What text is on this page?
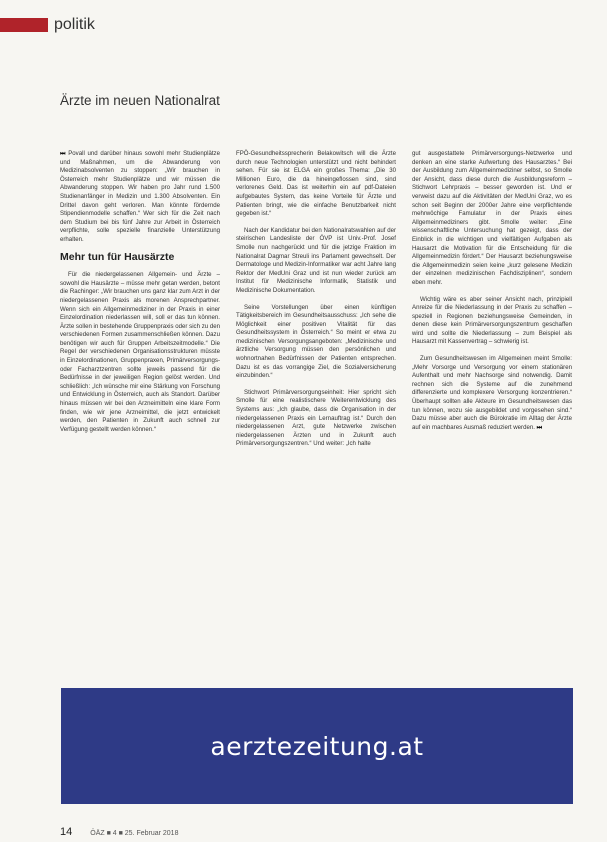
politik
Ärzte im neuen Nationalrat

⏭ Povall und darüber hinaus sowohl mehr Studienplätze und Maßnahmen, um die Abwanderung von Medizinabsolventen zu stoppen: „Wir brauchen in Österreich mehr Studienplätze und wir müssen die Abwanderung stoppen. Wir haben pro Jahr rund 1.500 Studienanfänger in Medizin und 1.300 Absolventen. Ein Drittel davon geht verloren. Man könnte fördernde Stipendienmodelle schaffen.“ Wer sich für die Zeit nach dem Studium bei bis fünf Jahre zur Arbeit in Österreich verpflichte, solle spezielle finanzielle Unterstützung erhalten.

Mehr tun für Hausärzte

Für die niedergelassenen Allgemein- und Ärzte – sowohl die Hausärzte – müsse mehr getan werden, betont die Rachinger: „Wir brauchen uns ganz klar zum Arzt in der niedergelassenen Praxis als morenen Ansprechpartner. Wenn sich ein Allgemeinmediziner in der Praxis in einer Einzelordination niederlassen will, soll er das tun können. Ärzte sollen in bestehende Gruppenpraxis oder sich zu den verschiedenen Formen zusammenschließen können. Dazu benötigen wir auch für Gruppen Arbeitszeitmodelle.“ Die Regel der verschiedenen Organisationsstrukturen müsste in Einzelordinationen, Gruppenpraxen, Primärversorgungs- oder Facharztzentren sollte jeweils passend für die Bedürfnisse in der jeweiligen Region gelöst werden. Und schließlich: „Ich wünsche mir eine Stärkung von Forschung und Entwicklung in Österreich, auch als Standort. Darüber hinaus müssen wir bei den Arzneimitteln eine klare Form finden, wie wir jene Arzneimittel, die jetzt entwickelt werden, den Patienten in Zukunft auch schnell zur Verfügung gestellt werden können.“

FPÖ-Gesundheitssprecherin Belakowitsch will die Ärzte durch neue Technologien unterstützt und nicht behindert sehen. Für sie ist ELGA ein großes Thema: „Die 30 Millionen Euro, die da hineingeflossen sind, sind verlorenes Geld. Das ist weiterhin ein auf pdf-Dateien aufgebautes System, das keine Vorteile für Ärzte und Patienten bringt, wie die einfache Benutzbarkeit nicht gegeben ist.“

Nach der Kandidatur bei den Nationalratswahlen auf der steirischen Landesliste der ÖVP ist Univ.-Prof. Josef Smolle nun nachgerückt und für die jetzige Fraktion im Nationalrat Dagmar Streuli ins Parlament gewechselt. Der Dermatologe und Medizin-Informatiker war acht Jahre lang Rektor der MedUni Graz und ist nun wieder zurück am Institut für Medizinische Informatik, Statistik und Medizinische Dokumentation.

Seine Vorstellungen über einen künftigen Tätigkeitsbereich im Gesundheitsausschuss: „Ich sehe die Möglichkeit einer positiven Vitalität für das Gesundheitssystem in Österreich.“ So meint er etwa zu medizinischen Versorgungsangeboten: „Medizinische und ärztliche Versorgung müssen den persönlichen und wohnortnahen Bedürfnissen der Patienten entsprechen. Dazu ist es das vorrangige Ziel, die Sozialversicherung einzubinden.“

Stichwort Primärversorgungseinheit: Hier spricht sich Smolle für eine realistischere Weiterentwicklung des Systems aus: „Ich glaube, dass die Organisation in der niedergelassenen Praxis ein Lernauftrag ist.“ Durch den niedergelassenen Arzt, gute Netzwerke zwischen niedergelassenen Ärzten und in Zukunft auch Primärversorgungszentren.“ Und weiter: „Ich halte

gut ausgestattete Primärversorgungs-Netzwerke und denken an eine starke Aufwertung des Hausarztes.“ Bei der Ausbildung zum Allgemeinmediziner selbst, so Smolle der Ansicht, dass diese durch die Ausbildungsreform – Stichwort Lehrpraxis – besser geworden ist. Und er verweist dazu auf die Aktivitäten der MedUni Graz, wo es schon seit Beginn der 2000er Jahre eine verpflichtende mehrwöchige Famulatur in der Praxis eines Allgemeinmediziners gibt. Smolle weiter: „Eine wissenschaftliche Untersuchung hat gezeigt, dass der Einblick in die wichtigen und vielfältigen Aufgaben als Hausarzt die Motivation für die Entscheidung für die Allgemeinmedizin fördert.“ Der Hausarzt beziehungsweise die Allgemeinmedizin seien keine „kurz gelesene Medizin der einzelnen medizinischen Fachdisziplinen“, sondern eben mehr.

Wichtig wäre es aber seiner Ansicht nach, prinzipiell Anreize für die Niederlassung in der Praxis zu schaffen – speziell in Regionen beziehungsweise Gemeinden, in denen diese kein Primärversorgungszentrum geschaffen wird und sollte die Niederlassung – zum Beispiel als Hausarzt mit Kassenvertrag – schwierig ist.

Zum Gesundheitswesen im Allgemeinen meint Smolle: „Mehr Vorsorge und Versorgung vor einem stationären Aufenthalt und mehr Nachsorge sind notwendig. Damit rechnen sich die Systeme auf die zunehmend differenzierte und komplexere Versorgung konzentrieren.“ Überhaupt sollten alle Akteure im Gesundheitswesen das tun können, wozu sie ausgebildet und vorgesehen sind.“ Dazu müsse aber auch die Bürokratie im Alltag der Ärzte auf ein machbares Ausmaß reduziert werden. ⏭

aerztezeitung.at
14	ÖÄZ ■ 4 ■ 25. Februar 2018
